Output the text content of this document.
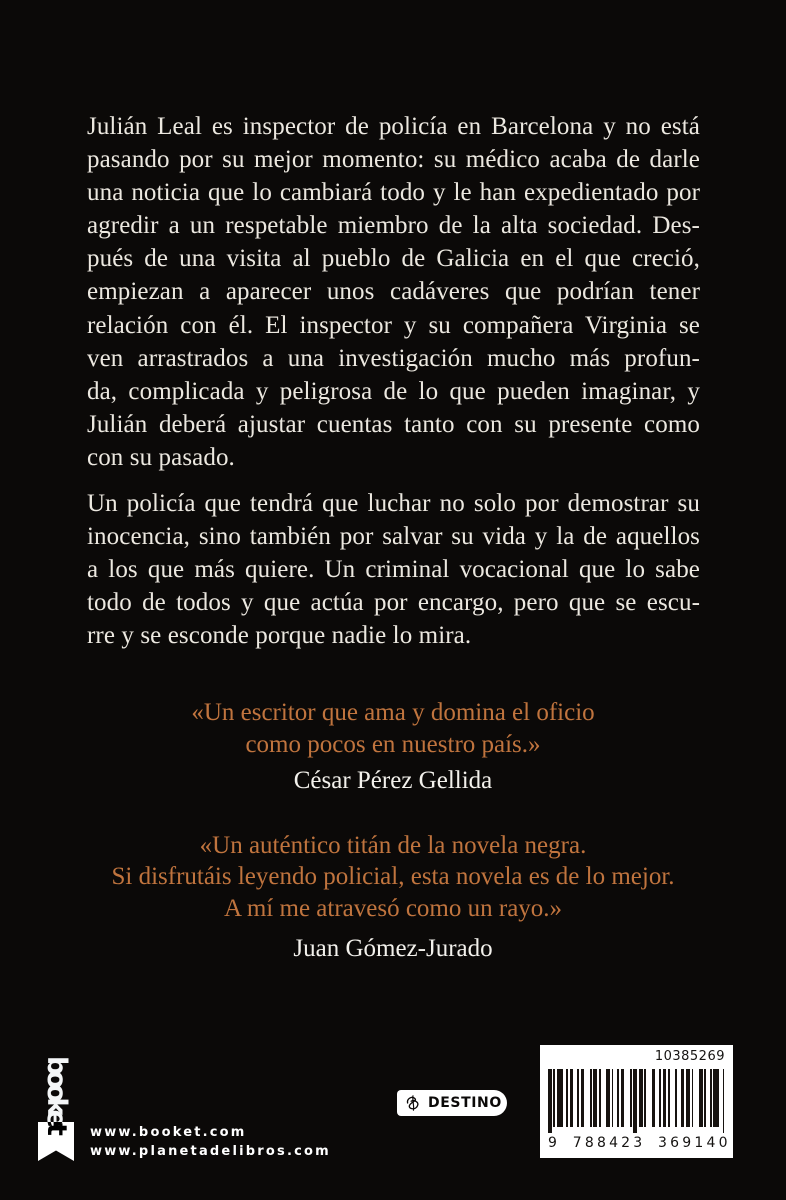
Julián Leal es inspector de policía en Barcelona y no está
pasando por su mejor momento: su médico acaba de darle
una noticia que lo cambiará todo y le han expedientado por
agredir a un respetable miembro de la alta sociedad. Des-
pués de una visita al pueblo de Galicia en el que creció,
empiezan a aparecer unos cadáveres que podrían tener
relación con él. El inspector y su compañera Virginia se
ven arrastrados a una investigación mucho más profun-
da, complicada y peligrosa de lo que pueden imaginar, y
Julián deberá ajustar cuentas tanto con su presente como
con su pasado.
Un policía que tendrá que luchar no solo por demostrar su
inocencia, sino también por salvar su vida y la de aquellos
a los que más quiere. Un criminal vocacional que lo sabe
todo de todos y que actúa por encargo, pero que se escu-
rre y se esconde porque nadie lo mira.
«Un escritor que ama y domina el oficio
como pocos en nuestro país.»
César Pérez Gellida
«Un auténtico titán de la novela negra.
Si disfrutáis leyendo policial, esta novela es de lo mejor.
A mí me atravesó como un rayo.»
Juan Gómez-Jurado
booket
www.booket.com
www.planetadelibros.com
DESTINO
10385269
9 788423 369140
